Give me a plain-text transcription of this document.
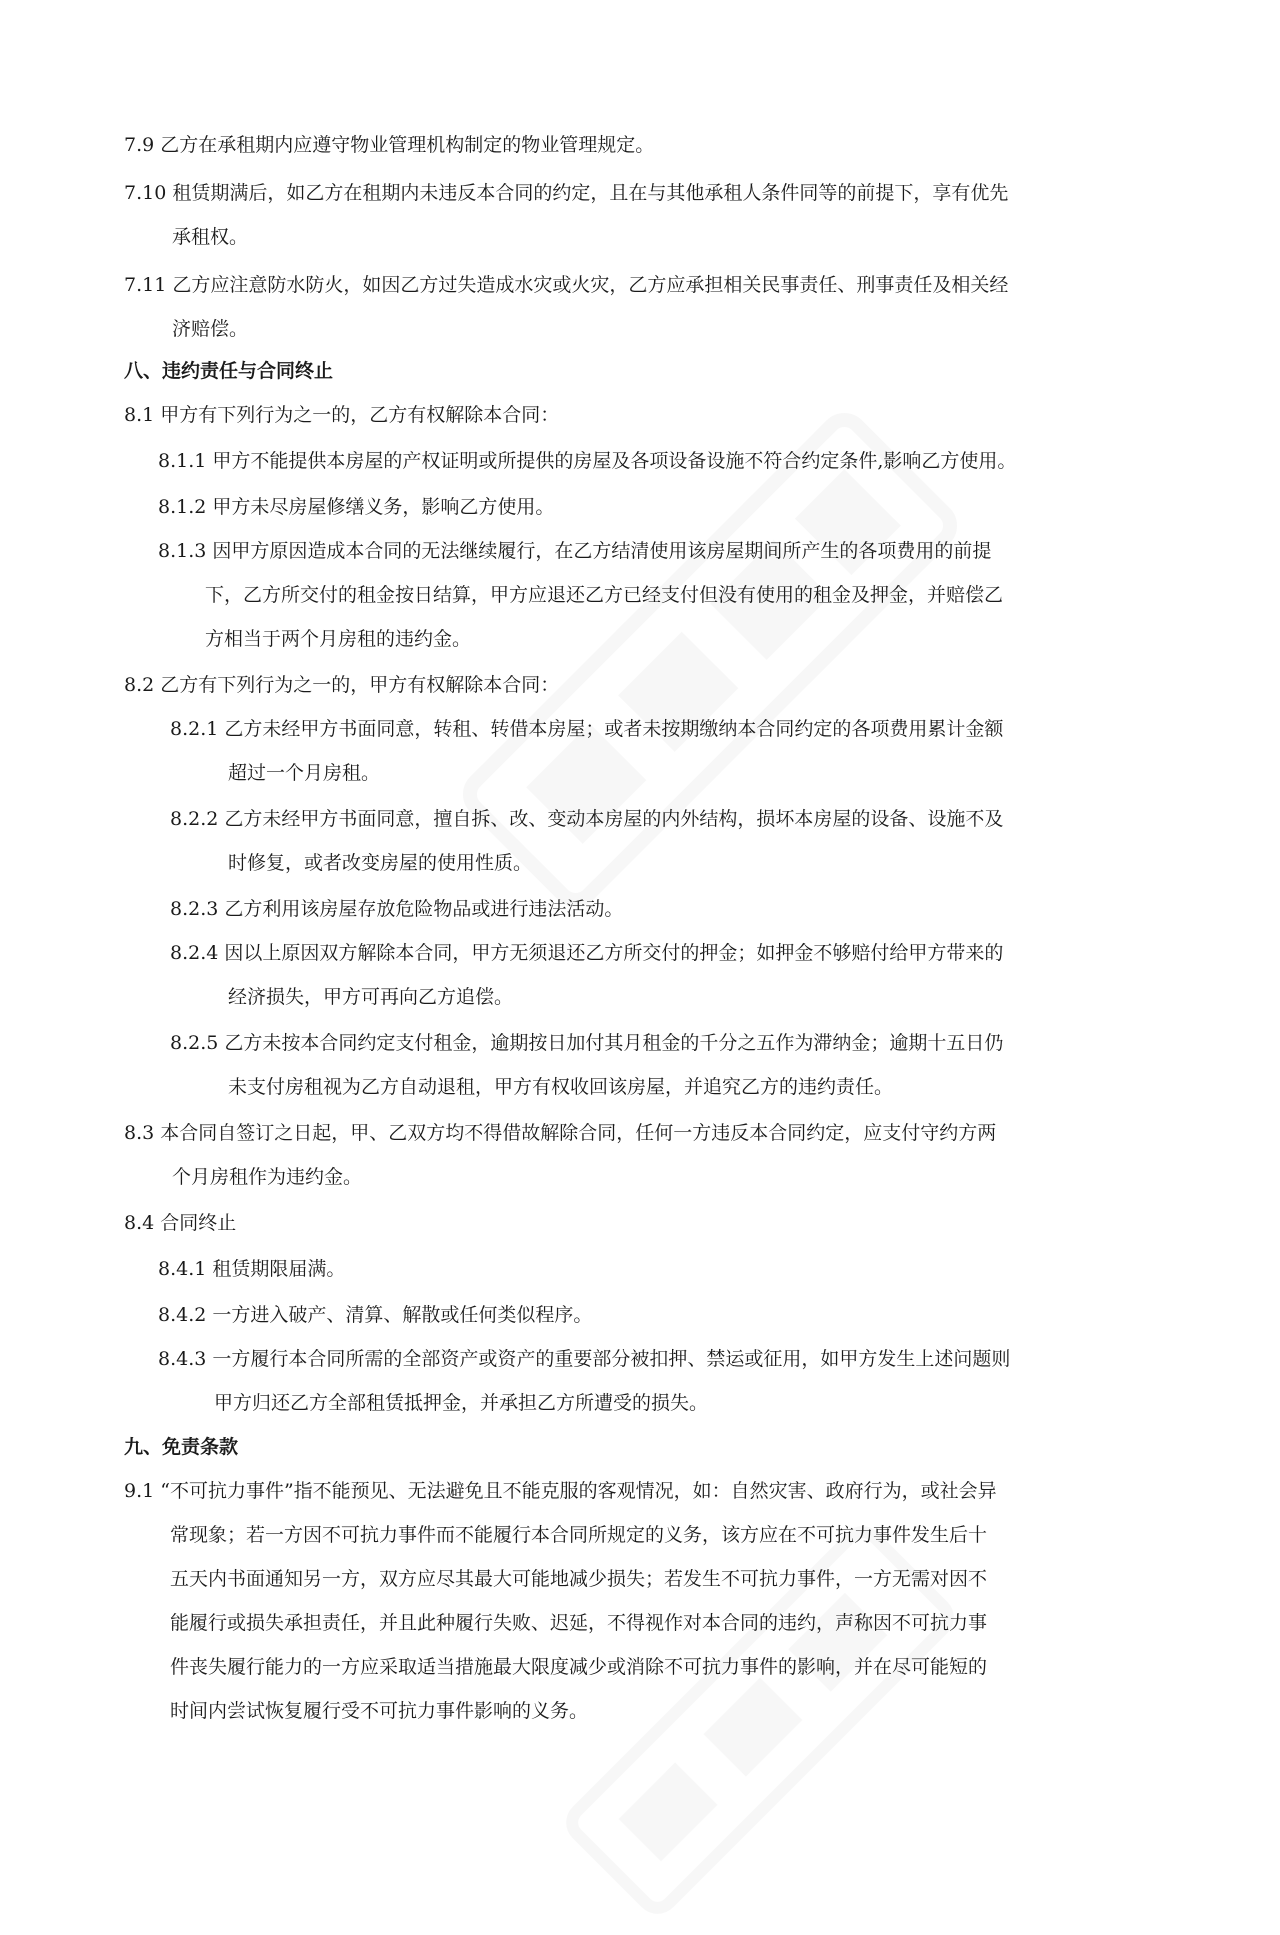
7.9 乙方在承租期内应遵守物业管理机构制定的物业管理规定。
7.10 租赁期满后，如乙方在租期内未违反本合同的约定，且在与其他承租人条件同等的前提下，享有优先
承租权。
7.11 乙方应注意防水防火，如因乙方过失造成水灾或火灾，乙方应承担相关民事责任、刑事责任及相关经
济赔偿。
八、违约责任与合同终止
8.1 甲方有下列行为之一的，乙方有权解除本合同：
8.1.1 甲方不能提供本房屋的产权证明或所提供的房屋及各项设备设施不符合约定条件,影响乙方使用。
8.1.2 甲方未尽房屋修缮义务，影响乙方使用。
8.1.3 因甲方原因造成本合同的无法继续履行，在乙方结清使用该房屋期间所产生的各项费用的前提
下，乙方所交付的租金按日结算，甲方应退还乙方已经支付但没有使用的租金及押金，并赔偿乙
方相当于两个月房租的违约金。
8.2 乙方有下列行为之一的，甲方有权解除本合同：
8.2.1 乙方未经甲方书面同意，转租、转借本房屋；或者未按期缴纳本合同约定的各项费用累计金额
超过一个月房租。
8.2.2 乙方未经甲方书面同意，擅自拆、改、变动本房屋的内外结构，损坏本房屋的设备、设施不及
时修复，或者改变房屋的使用性质。
8.2.3 乙方利用该房屋存放危险物品或进行违法活动。
8.2.4 因以上原因双方解除本合同，甲方无须退还乙方所交付的押金；如押金不够赔付给甲方带来的
经济损失，甲方可再向乙方追偿。
8.2.5 乙方未按本合同约定支付租金，逾期按日加付其月租金的千分之五作为滞纳金；逾期十五日仍
未支付房租视为乙方自动退租，甲方有权收回该房屋，并追究乙方的违约责任。
8.3 本合同自签订之日起，甲、乙双方均不得借故解除合同，任何一方违反本合同约定，应支付守约方两
个月房租作为违约金。
8.4 合同终止
8.4.1 租赁期限届满。
8.4.2 一方进入破产、清算、解散或任何类似程序。
8.4.3 一方履行本合同所需的全部资产或资产的重要部分被扣押、禁运或征用，如甲方发生上述问题则
甲方归还乙方全部租赁抵押金，并承担乙方所遭受的损失。
九、免责条款
9.1 “不可抗力事件”指不能预见、无法避免且不能克服的客观情况，如：自然灾害、政府行为，或社会异
常现象；若一方因不可抗力事件而不能履行本合同所规定的义务，该方应在不可抗力事件发生后十
五天内书面通知另一方，双方应尽其最大可能地减少损失；若发生不可抗力事件，一方无需对因不
能履行或损失承担责任，并且此种履行失败、迟延，不得视作对本合同的违约，声称因不可抗力事
件丧失履行能力的一方应采取适当措施最大限度减少或消除不可抗力事件的影响，并在尽可能短的
时间内尝试恢复履行受不可抗力事件影响的义务。
